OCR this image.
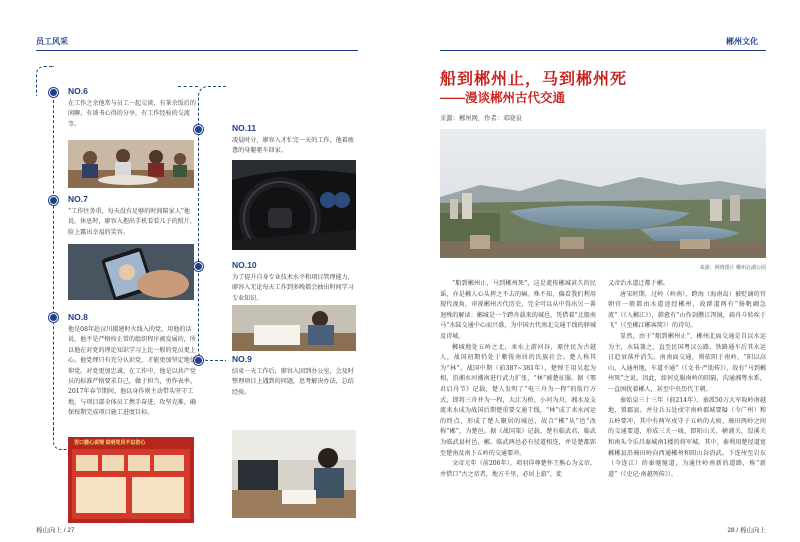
员工风采
NO.6
在工作之余他常与员工一起交谈，有茶余饭后的闲聊，有谈书心得的分享，有工作经验的交流等。
NO.7
“工作往务重，每天没有足够的时间陪家人”他说。休息时，廖容入抱出手机看看儿子的照片，脸上露出幸福的笑容。
NO.8
他是08年赴汉川援建时火线入的党，用他的话说，他不是严格按正常的组织程序被发展的，所以他在对党的理论知识学习上比一般的党员更上心。他党理只有充分认识党，才能更加坚定地信仰党。对党更加忠诚、在工作中，他是以共产党员的标准严格要求自己，做于担当，勇作表率。2017年春节期间，他以身作则主动带头坚守工地，与项目部全体员工携手奋进，攻坚克难，确保按期完成项目施工进度目标。
苦口婆心说理 说明党员不忘初心
NO.11
凌晨时分，廖容入才忙完一天的工作，他着疲惫的身躯驱车回家。
NO.10
为了提升自身专业技术水平和项目管理能力，廖容入无论每天工作到多晚都会抽出时间学习专业知识。
NO.9
结束一天工作后，廖容入回到办公室，会及时整理项目上遇到的问题，思考解决办法，总结经验。
棉山向上 / 27
郴州文化
船到郴州止，马到郴州死
——漫谈郴州古代交通
来源：郴州网，作者：邓晓泉
来源：网络图片 郴州北湖公园

“船到郴州止，马到郴州死”，这是流传郴城甚久的民谣，亦是郴人心头挥之不去的痛。殊不知，偏看我们利用现代视角，审视郴州古代历史，完全可以从中得出另一番迥殊的解读：郴城是一个跨舟载来的城邑，凭借着“北船南马”水陆交通中心而兴盛，为中国古代南北交通干线的驿城及诗城。

郴城地处五岭之北，耒水上游河谷，原住民为古越人，战国初期仍处于紫筏南居的氏族社会。楚人称其为“林”。战国中期（前387~381年），楚悼王用吴起为相，沿湘水河湘南进行武力扩张，“林”被楚征服。据《鄂君启舟节》记载，楚人发明了“电三舟为一程”的航行方式，即将三舟并为一程，大江为桥，小河为舟，湘水及支流耒水成为战国后期楚重要交通干线，“林”成了耒水河运的终点，形成了楚人聚居的城邑，故合“郴”从“邑”改称“郴”，为楚邑。据《战国策》记载，楚有临武君、临武为临武县村邑，郴、临武两邑必有径道相连，并是楚都郢至楚南及南下五岭的交通要冲。

文帝元年（前206年），项羽佯尊楚怀王熊心为义帝，并借口“古之帝者，地方千里，必居上游”，徙

义帝治水道迁都于郴。

唐宋时期，过岭（岭南）、跨海（海南岛）被贬谪的官朝官一般都由水道途经郴州，故群道两有“扬帆阚急流”（《入郴江》），韩愈有“山作剑攒江泻镜，扁舟斗转疾于飞”（《至郴江郴客简》）的诗句。

显然，由于“船到郴州止”，郴州北面交通是自以水运为主，水陆兼之，直至民国粤汉公路、铁路通车后其水运日趋衰落并消失。南南面交通，则依阳于南岭，“阳以高山，入通州地，车道不通”（《文书·严助传》），故有“马到郴州死”之说。因此，如何克服南岭的阻隔，沟通湘粤水系，一直困扰着郴人，甚至中央历代王朝。

秦始皇三十三年（前214年），秦派50万大军取岭南越地，置郡县。并分兵五处戍守南岭郡城要隘（今广州）和五岭要冲，其中有两军戍守于五岭的大庾、骑田两岭之间的交通要道，形成三关一城，即阳山关、横浦关、湟溪关和南头令乐昌秦城南1楼的将军城。其中，秦利用楚径道宽郴郴县沿骑田岭向西通郴州和阳山谷浴武。下连州至岩东（今连江）的秦驰驰道，为通往岭南新的道路，称“新道”（《史记·南越列传》）。

28 / 棉山向上
